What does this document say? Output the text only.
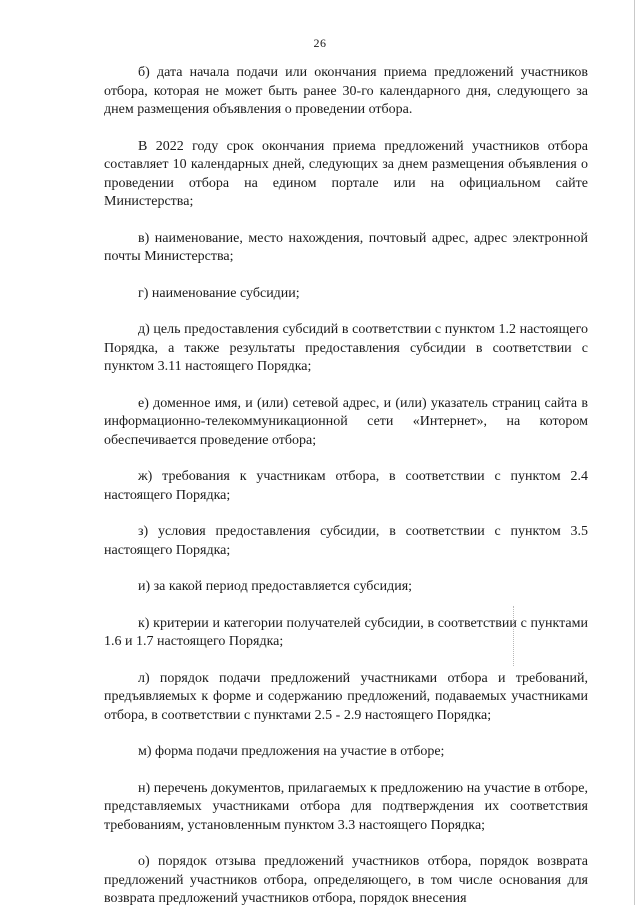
26

б) дата начала подачи или окончания приема предложений участников отбора, которая не может быть ранее 30-го календарного дня, следующего за днем размещения объявления о проведении отбора.

В 2022 году срок окончания приема предложений участников отбора составляет 10 календарных дней, следующих за днем размещения объявления о проведении отбора на едином портале или на официальном сайте Министерства;

в) наименование, место нахождения, почтовый адрес, адрес электронной почты Министерства;

г) наименование субсидии;

д) цель предоставления субсидий в соответствии с пунктом 1.2 настоящего Порядка, а также результаты предоставления субсидии в соответствии с пунктом 3.11 настоящего Порядка;

е) доменное имя, и (или) сетевой адрес, и (или) указатель страниц сайта в информационно-телекоммуникационной сети «Интернет», на котором обеспечивается проведение отбора;

ж) требования к участникам отбора, в соответствии с пунктом 2.4 настоящего Порядка;

з) условия предоставления субсидии, в соответствии с пунктом 3.5 настоящего Порядка;

и) за какой период предоставляется субсидия;

к) критерии и категории получателей субсидии, в соответствии с пунктами 1.6 и 1.7 настоящего Порядка;

л) порядок подачи предложений участниками отбора и требований, предъявляемых к форме и содержанию предложений, подаваемых участниками отбора, в соответствии с пунктами 2.5 - 2.9 настоящего Порядка;

м) форма подачи предложения на участие в отборе;

н) перечень документов, прилагаемых к предложению на участие в отборе, представляемых участниками отбора для подтверждения их соответствия требованиям, установленным пунктом 3.3 настоящего Порядка;

о) порядок отзыва предложений участников отбора, порядок возврата предложений участников отбора, определяющего, в том числе основания для возврата предложений участников отбора, порядок внесения
